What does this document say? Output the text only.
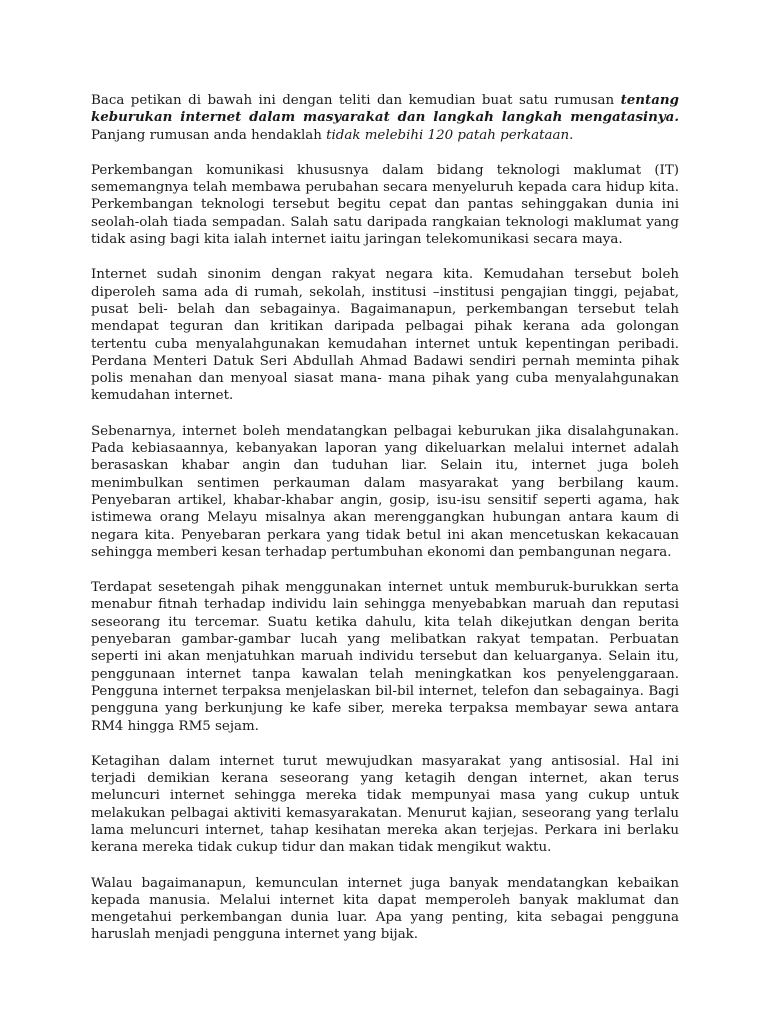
Baca petikan di bawah ini dengan teliti dan kemudian buat satu rumusan tentang keburukan internet dalam masyarakat dan langkah langkah mengatasinya. Panjang rumusan anda hendaklah tidak melebihi 120 patah perkataan.

Perkembangan komunikasi khususnya dalam bidang teknologi maklumat (IT) sememangnya telah membawa perubahan secara menyeluruh kepada cara hidup kita. Perkembangan teknologi tersebut begitu cepat dan pantas sehinggakan dunia ini seolah-olah tiada sempadan. Salah satu daripada rangkaian teknologi maklumat yang tidak asing bagi kita ialah internet iaitu jaringan telekomunikasi secara maya.

Internet sudah sinonim dengan rakyat negara kita. Kemudahan tersebut boleh diperoleh sama ada di rumah, sekolah, institusi –institusi pengajian tinggi, pejabat, pusat beli- belah dan sebagainya. Bagaimanapun, perkembangan tersebut telah mendapat teguran dan kritikan daripada pelbagai pihak kerana ada golongan tertentu cuba menyalahgunakan kemudahan internet untuk kepentingan peribadi. Perdana Menteri Datuk Seri Abdullah Ahmad Badawi sendiri pernah meminta pihak polis menahan dan menyoal siasat mana- mana pihak yang cuba menyalahgunakan kemudahan internet.

Sebenarnya, internet boleh mendatangkan pelbagai keburukan jika disalahgunakan. Pada kebiasaannya, kebanyakan laporan yang dikeluarkan melalui internet adalah berasaskan khabar angin dan tuduhan liar. Selain itu, internet juga boleh menimbulkan sentimen perkauman dalam masyarakat yang berbilang kaum. Penyebaran artikel, khabar-khabar angin, gosip, isu-isu sensitif seperti agama, hak istimewa orang Melayu misalnya akan merenggangkan hubungan antara kaum di negara kita. Penyebaran perkara yang tidak betul ini akan mencetuskan kekacauan sehingga memberi kesan terhadap pertumbuhan ekonomi dan pembangunan negara.

Terdapat sesetengah pihak menggunakan internet untuk memburuk-burukkan serta menabur fitnah terhadap individu lain sehingga menyebabkan maruah dan reputasi seseorang itu tercemar. Suatu ketika dahulu, kita telah dikejutkan dengan berita penyebaran gambar-gambar lucah yang melibatkan rakyat tempatan. Perbuatan seperti ini akan menjatuhkan maruah individu tersebut dan keluarganya. Selain itu, penggunaan internet tanpa kawalan telah meningkatkan kos penyelenggaraan. Pengguna internet terpaksa menjelaskan bil-bil internet, telefon dan sebagainya. Bagi pengguna yang berkunjung ke kafe siber, mereka terpaksa membayar sewa antara RM4 hingga RM5 sejam.

Ketagihan dalam internet turut mewujudkan masyarakat yang antisosial. Hal ini terjadi demikian kerana seseorang yang ketagih dengan internet, akan terus meluncuri internet sehingga mereka tidak mempunyai masa yang cukup untuk melakukan pelbagai aktiviti kemasyarakatan. Menurut kajian, seseorang yang terlalu lama meluncuri internet, tahap kesihatan mereka akan terjejas. Perkara ini berlaku kerana mereka tidak cukup tidur dan makan tidak mengikut waktu.

Walau bagaimanapun, kemunculan internet juga banyak mendatangkan kebaikan kepada manusia. Melalui internet kita dapat memperoleh banyak maklumat dan mengetahui perkembangan dunia luar. Apa yang penting, kita sebagai pengguna haruslah menjadi pengguna internet yang bijak.
